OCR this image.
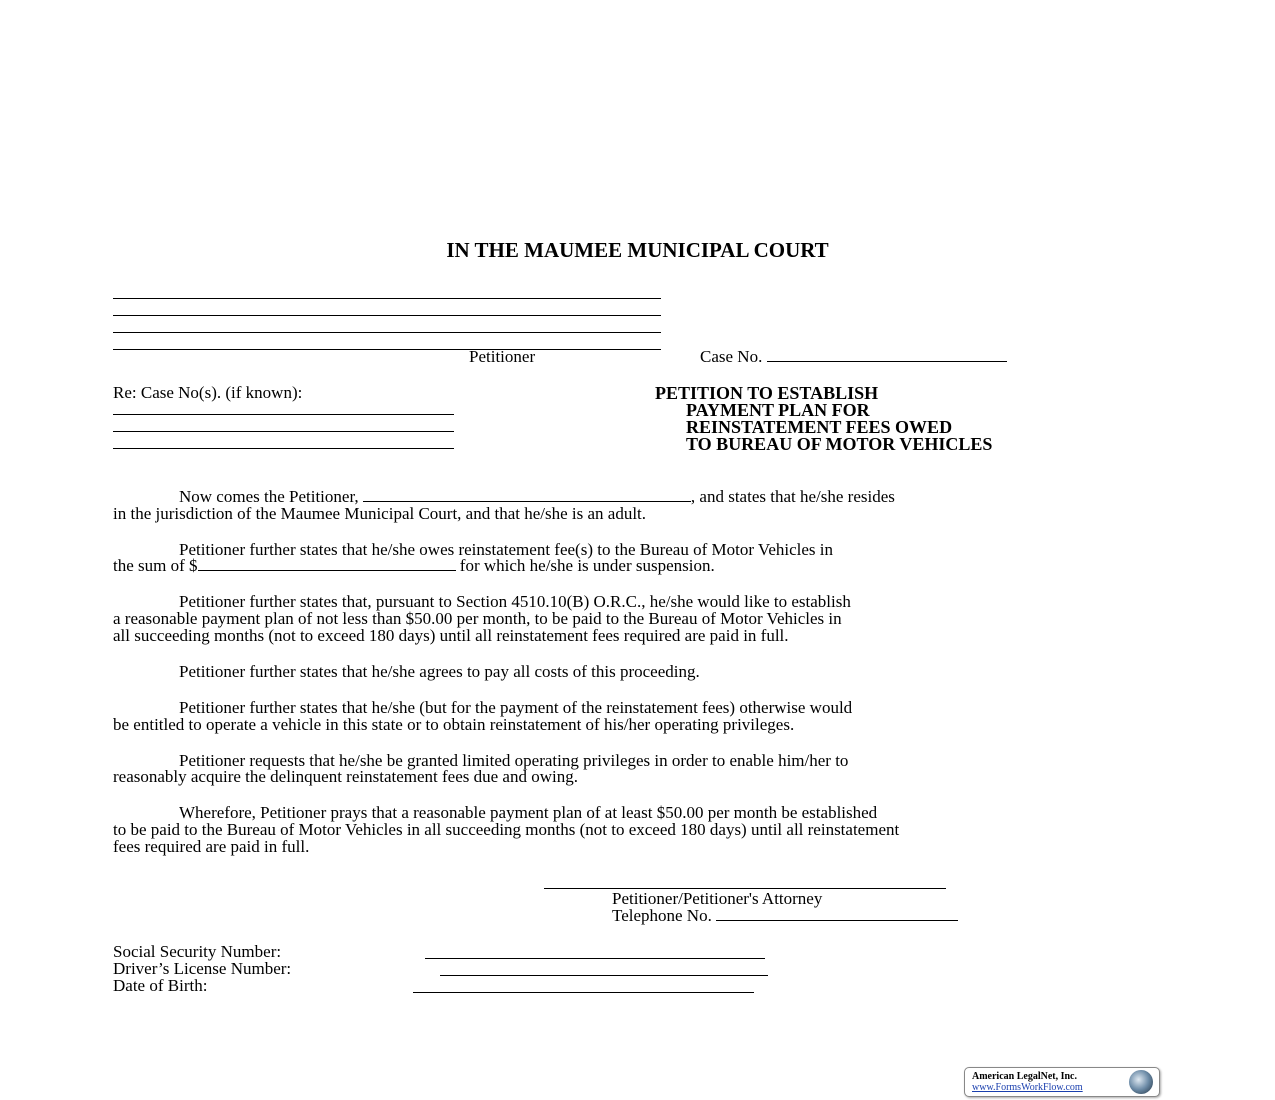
IN THE MAUMEE MUNICIPAL COURT
Petitioner	Case No.
Re: Case No(s). (if known):	PETITION TO ESTABLISH
PAYMENT PLAN FOR
REINSTATEMENT FEES OWED
TO BUREAU OF MOTOR VEHICLES
Now comes the Petitioner,	, and states that he/she resides
in the jurisdiction of the Maumee Municipal Court, and that he/she is an adult.
Petitioner further states that he/she owes reinstatement fee(s) to the Bureau of Motor Vehicles in
the sum of $	for which he/she is under suspension.
Petitioner further states that, pursuant to Section 4510.10(B) O.R.C., he/she would like to establish
a reasonable payment plan of not less than $50.00 per month, to be paid to the Bureau of Motor Vehicles in
all succeeding months (not to exceed 180 days) until all reinstatement fees required are paid in full.
Petitioner further states that he/she agrees to pay all costs of this proceeding.
Petitioner further states that he/she (but for the payment of the reinstatement fees) otherwise would
be entitled to operate a vehicle in this state or to obtain reinstatement of his/her operating privileges.
Petitioner requests that he/she be granted limited operating privileges in order to enable him/her to
reasonably acquire the delinquent reinstatement fees due and owing.
Wherefore, Petitioner prays that a reasonable payment plan of at least $50.00 per month be established
to be paid to the Bureau of Motor Vehicles in all succeeding months (not to exceed 180 days) until all reinstatement
fees required are paid in full.
Petitioner/Petitioner's Attorney
Telephone No.
Social Security Number:
Driver’s License Number:
Date of Birth:
American LegalNet, Inc.
www.FormsWorkFlow.com
